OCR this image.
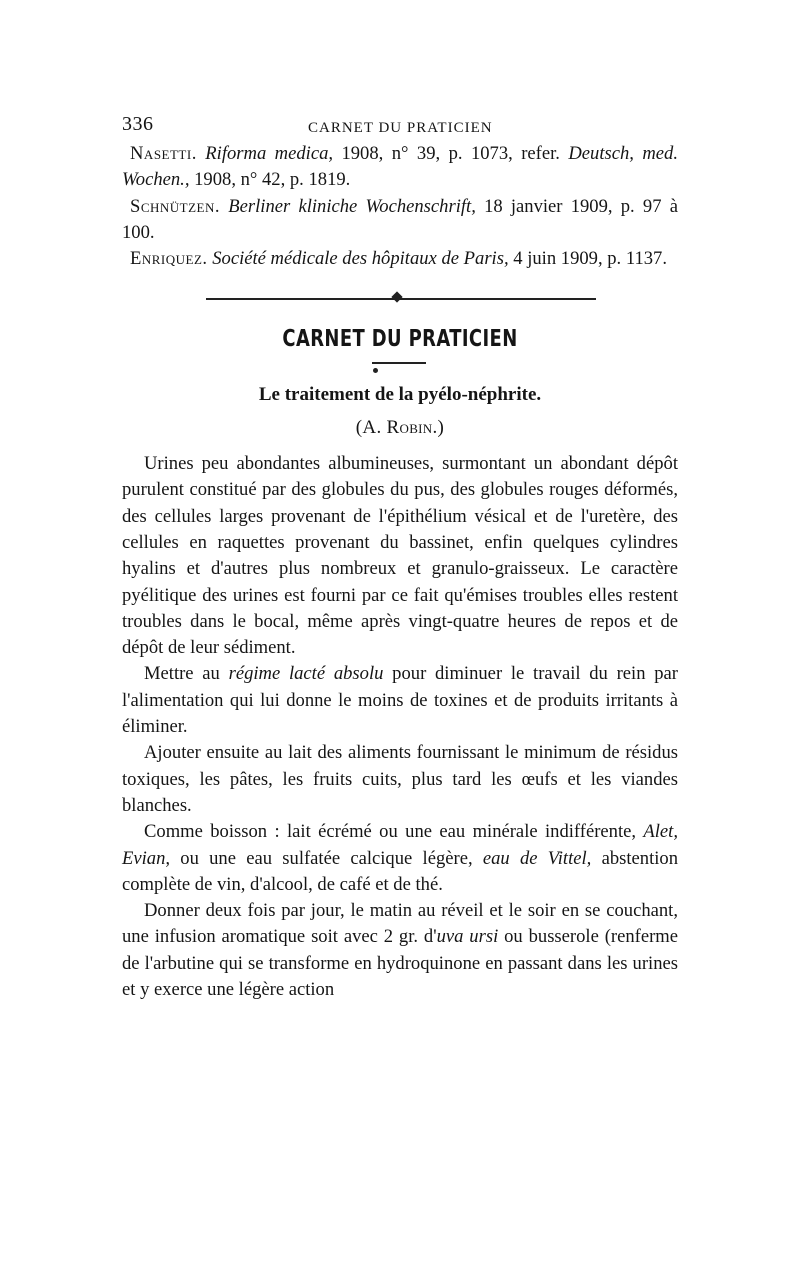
336	CARNET DU PRATICIEN

Nasetti. Riforma medica, 1908, n° 39, p. 1073, refer. Deutsch, med. Wochen., 1908, n° 42, p. 1819.

Schnützen. Berliner kliniche Wochenschrift, 18 janvier 1909, p. 97 à 100.

Enriquez. Société médicale des hôpitaux de Paris, 4 juin 1909, p. 1137.

CARNET DU PRATICIEN
Le traitement de la pyélo-néphrite.
(A. Robin.)

Urines peu abondantes albumineuses, surmontant un abondant dépôt purulent constitué par des globules du pus, des globules rouges déformés, des cellules larges provenant de l'épithélium vésical et de l'uretère, des cellules en raquettes provenant du bassinet, enfin quelques cylindres hyalins et d'autres plus nombreux et granulo-graisseux. Le caractère pyélitique des urines est fourni par ce fait qu'émises troubles elles restent troubles dans le bocal, même après vingt-quatre heures de repos et de dépôt de leur sédiment.

Mettre au régime lacté absolu pour diminuer le travail du rein par l'alimentation qui lui donne le moins de toxines et de produits irritants à éliminer.

Ajouter ensuite au lait des aliments fournissant le minimum de résidus toxiques, les pâtes, les fruits cuits, plus tard les œufs et les viandes blanches.

Comme boisson : lait écrémé ou une eau minérale indifférente, Alet, Evian, ou une eau sulfatée calcique légère, eau de Vittel, abstention complète de vin, d'alcool, de café et de thé.

Donner deux fois par jour, le matin au réveil et le soir en se couchant, une infusion aromatique soit avec 2 gr. d'uva ursi ou busserole (renferme de l'arbutine qui se transforme en hydroquinone en passant dans les urines et y exerce une légère action
